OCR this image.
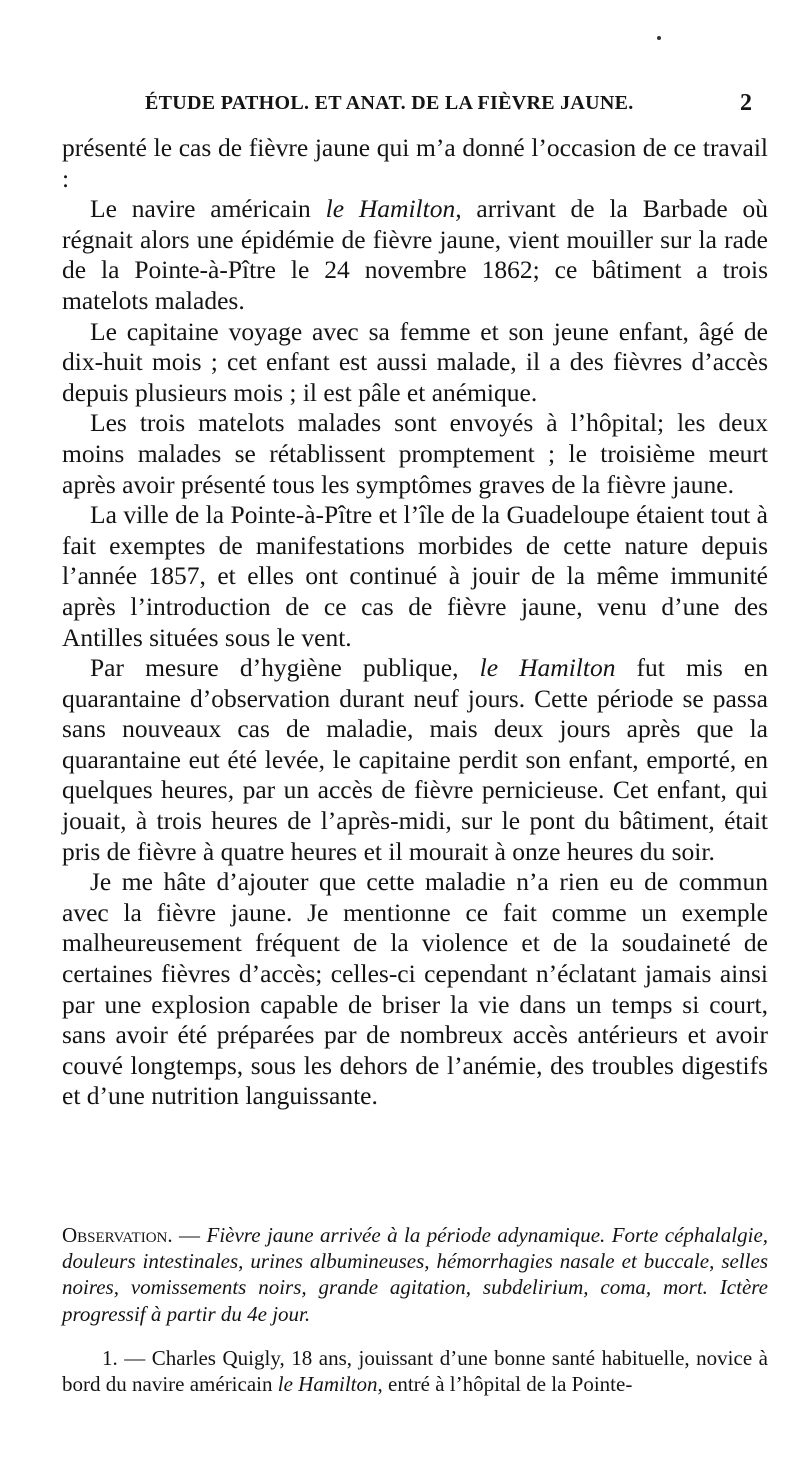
ÉTUDE PATHOL. ET ANAT. DE LA FIÈVRE JAUNE.	2

présenté le cas de fièvre jaune qui m’a donné l’occasion de ce travail :

Le navire américain le Hamilton, arrivant de la Barbade où régnait alors une épidémie de fièvre jaune, vient mouiller sur la rade de la Pointe-à-Pître le 24 novembre 1862; ce bâtiment a trois matelots malades.

Le capitaine voyage avec sa femme et son jeune enfant, âgé de dix-huit mois ; cet enfant est aussi malade, il a des fièvres d’accès depuis plusieurs mois ; il est pâle et anémique.

Les trois matelots malades sont envoyés à l’hôpital; les deux moins malades se rétablissent promptement ; le troisième meurt après avoir présenté tous les symptômes graves de la fièvre jaune.

La ville de la Pointe-à-Pître et l’île de la Guadeloupe étaient tout à fait exemptes de manifestations morbides de cette nature depuis l’année 1857, et elles ont continué à jouir de la même immunité après l’introduction de ce cas de fièvre jaune, venu d’une des Antilles situées sous le vent.

Par mesure d’hygiène publique, le Hamilton fut mis en quarantaine d’observation durant neuf jours. Cette période se passa sans nouveaux cas de maladie, mais deux jours après que la quarantaine eut été levée, le capitaine perdit son enfant, emporté, en quelques heures, par un accès de fièvre pernicieuse. Cet enfant, qui jouait, à trois heures de l’après-midi, sur le pont du bâtiment, était pris de fièvre à quatre heures et il mourait à onze heures du soir.

Je me hâte d’ajouter que cette maladie n’a rien eu de commun avec la fièvre jaune. Je mentionne ce fait comme un exemple malheureusement fréquent de la violence et de la soudaineté de certaines fièvres d’accès; celles-ci cependant n’éclatant jamais ainsi par une explosion capable de briser la vie dans un temps si court, sans avoir été préparées par de nombreux accès antérieurs et avoir couvé longtemps, sous les dehors de l’anémie, des troubles digestifs et d’une nutrition languissante.

Observation. — Fièvre jaune arrivée à la période adynamique. Forte céphalalgie, douleurs intestinales, urines albumineuses, hémorrhagies nasale et buccale, selles noires, vomissements noirs, grande agitation, subdelirium, coma, mort. Ictère progressif à partir du 4e jour.
1. — Charles Quigly, 18 ans, jouissant d’une bonne santé habituelle, novice à bord du navire américain le Hamilton, entré à l’hôpital de la Pointe-
